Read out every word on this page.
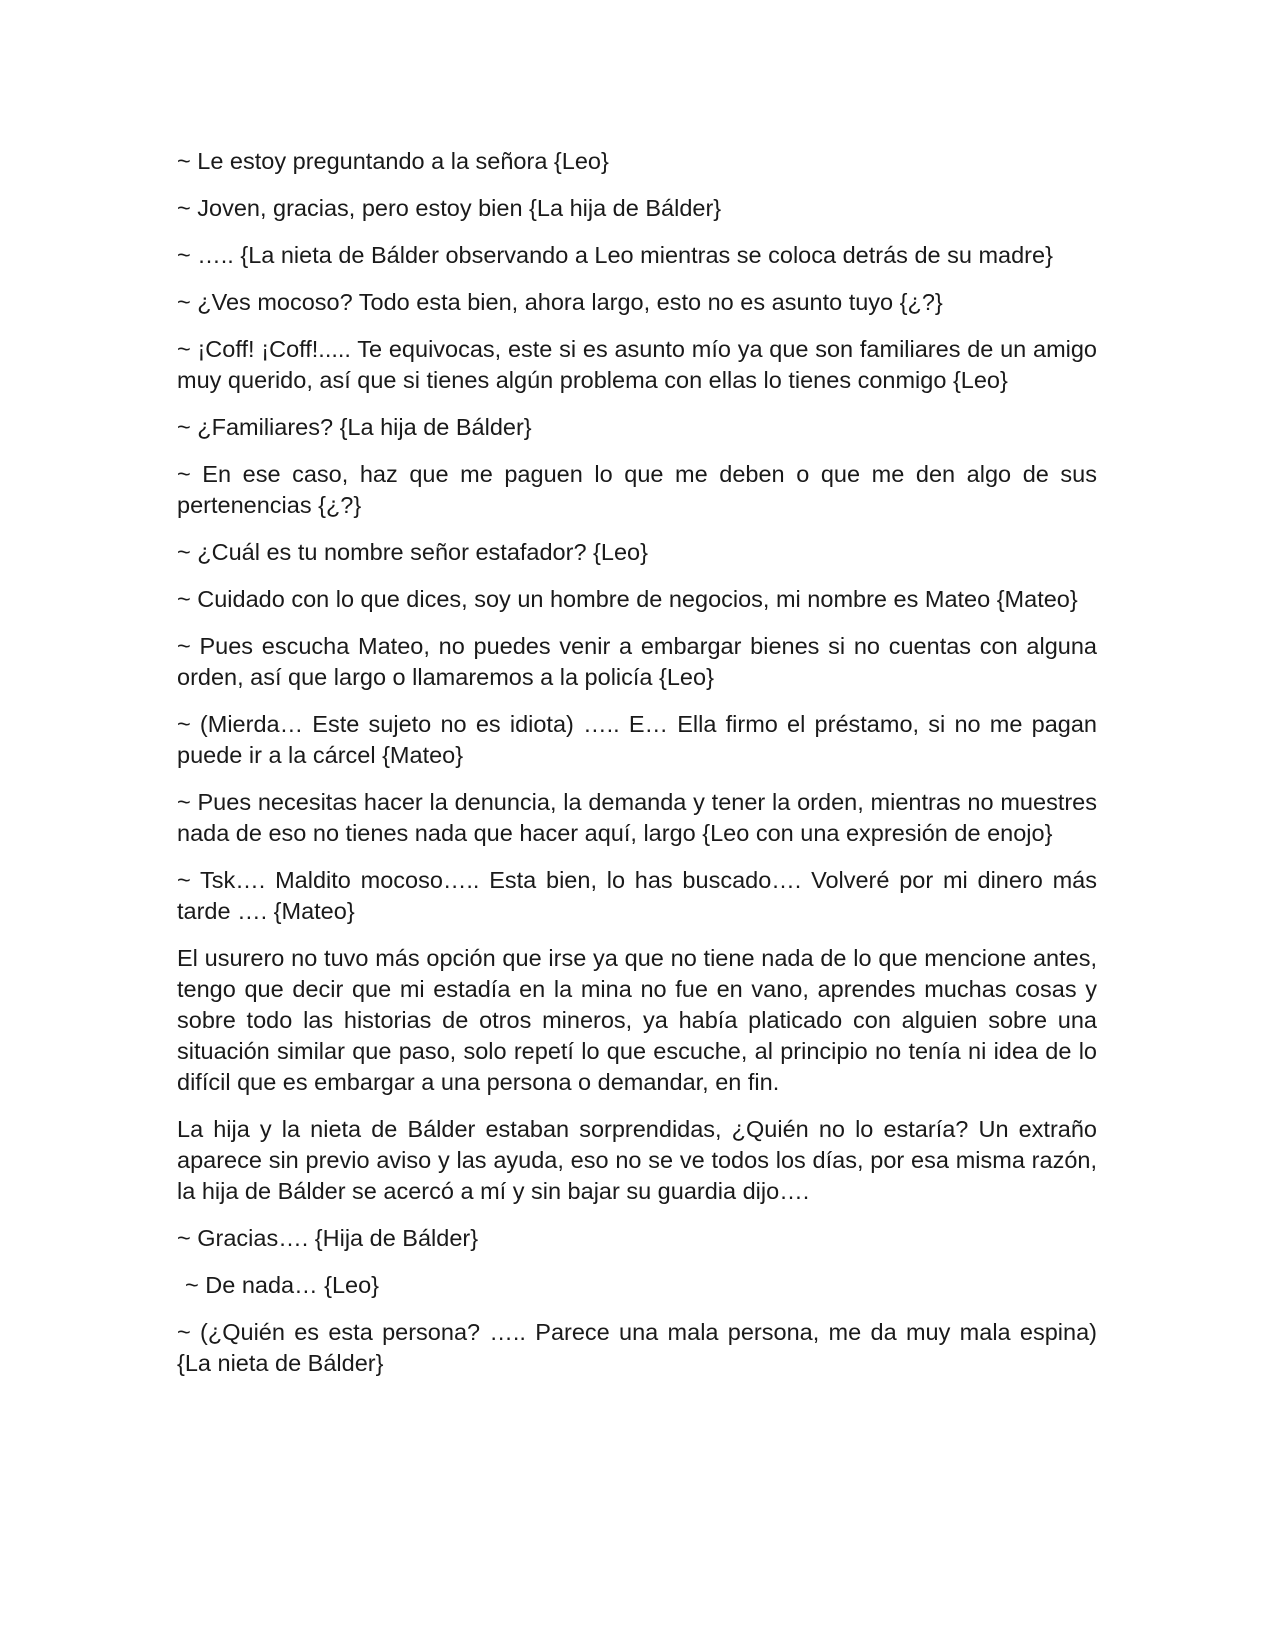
~ Le estoy preguntando a la señora {Leo}

~ Joven, gracias, pero estoy bien {La hija de Bálder}

~ ….. {La nieta de Bálder observando a Leo mientras se coloca detrás de su madre}

~ ¿Ves mocoso? Todo esta bien, ahora largo, esto no es asunto tuyo {¿?}

~ ¡Coff! ¡Coff!..... Te equivocas, este si es asunto mío ya que son familiares de un amigo muy querido, así que si tienes algún problema con ellas lo tienes conmigo {Leo}

~ ¿Familiares? {La hija de Bálder}

~ En ese caso, haz que me paguen lo que me deben o que me den algo de sus pertenencias {¿?}

~ ¿Cuál es tu nombre señor estafador? {Leo}

~ Cuidado con lo que dices, soy un hombre de negocios, mi nombre es Mateo {Mateo}

~ Pues escucha Mateo, no puedes venir a embargar bienes si no cuentas con alguna orden, así que largo o llamaremos a la policía {Leo}

~ (Mierda… Este sujeto no es idiota) ….. E… Ella firmo el préstamo, si no me pagan puede ir a la cárcel {Mateo}

~ Pues necesitas hacer la denuncia, la demanda y tener la orden, mientras no muestres nada de eso no tienes nada que hacer aquí, largo {Leo con una expresión de enojo}

~ Tsk…. Maldito mocoso….. Esta bien, lo has buscado…. Volveré por mi dinero más tarde …. {Mateo}

El usurero no tuvo más opción que irse ya que no tiene nada de lo que mencione antes, tengo que decir que mi estadía en la mina no fue en vano, aprendes muchas cosas y sobre todo las historias de otros mineros, ya había platicado con alguien sobre una situación similar que paso, solo repetí lo que escuche, al principio no tenía ni idea de lo difícil que es embargar a una persona o demandar, en fin.

La hija y la nieta de Bálder estaban sorprendidas, ¿Quién no lo estaría? Un extraño aparece sin previo aviso y las ayuda, eso no se ve todos los días, por esa misma razón, la hija de Bálder se acercó a mí y sin bajar su guardia dijo….

~ Gracias…. {Hija de Bálder}

~ De nada… {Leo}

~ (¿Quién es esta persona? ….. Parece una mala persona, me da muy mala espina) {La nieta de Bálder}
